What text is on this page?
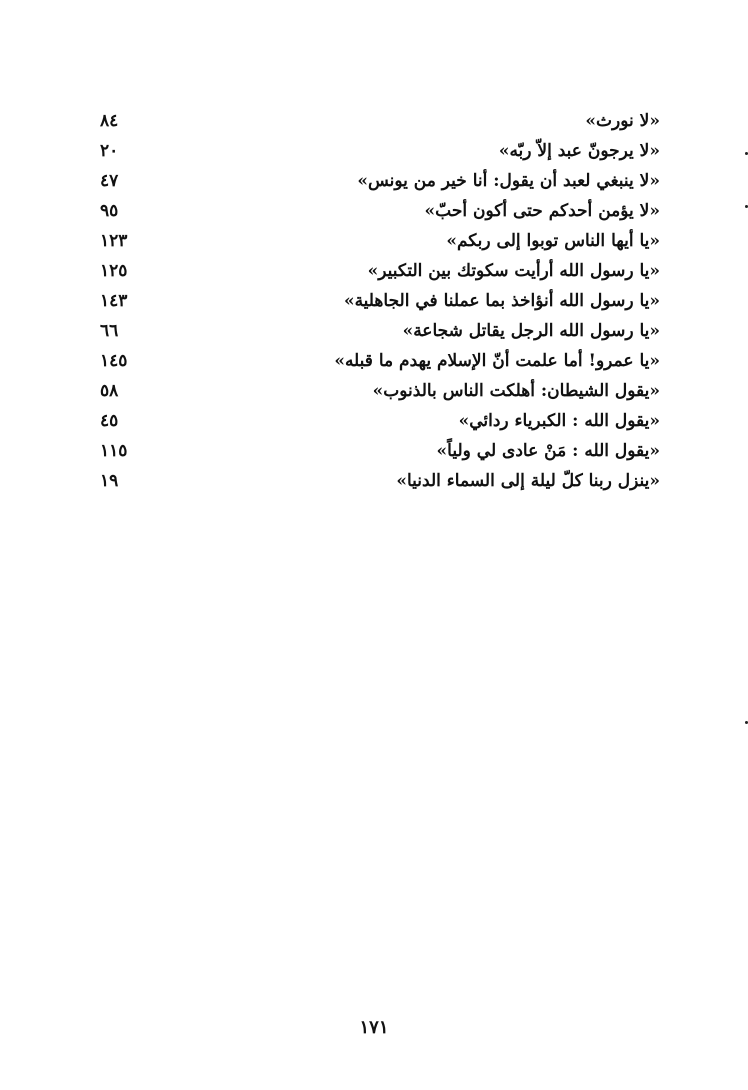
«لا نورث»
٨٤
«لا يرجونّ عبد إلاّ ربّه»
٢٠
«لا ينبغي لعبد أن يقول: أنا خير من يونس»
٤٧
«لا يؤمن أحدكم حتى أكون أحبّ»
٩٥
«يا أيها الناس توبوا إلى ربكم»
١٢٣
«يا رسول الله أرأيت سكوتك بين التكبير»
١٢٥
«يا رسول الله أنؤاخذ بما عملنا في الجاهلية»
١٤٣
«يا رسول الله الرجل يقاتل شجاعة»
٦٦
«يا عمرو! أما علمت أنّ الإسلام يهدم ما قبله»
١٤٥
«يقول الشيطان: أهلكت الناس بالذنوب»
٥٨
«يقول الله : الكبرياء ردائي»
٤٥
«يقول الله : مَنْ عادى لي ولياً»
١١٥
«ينزل ربنا كلّ ليلة إلى السماء الدنيا»
١٩
١٧١
